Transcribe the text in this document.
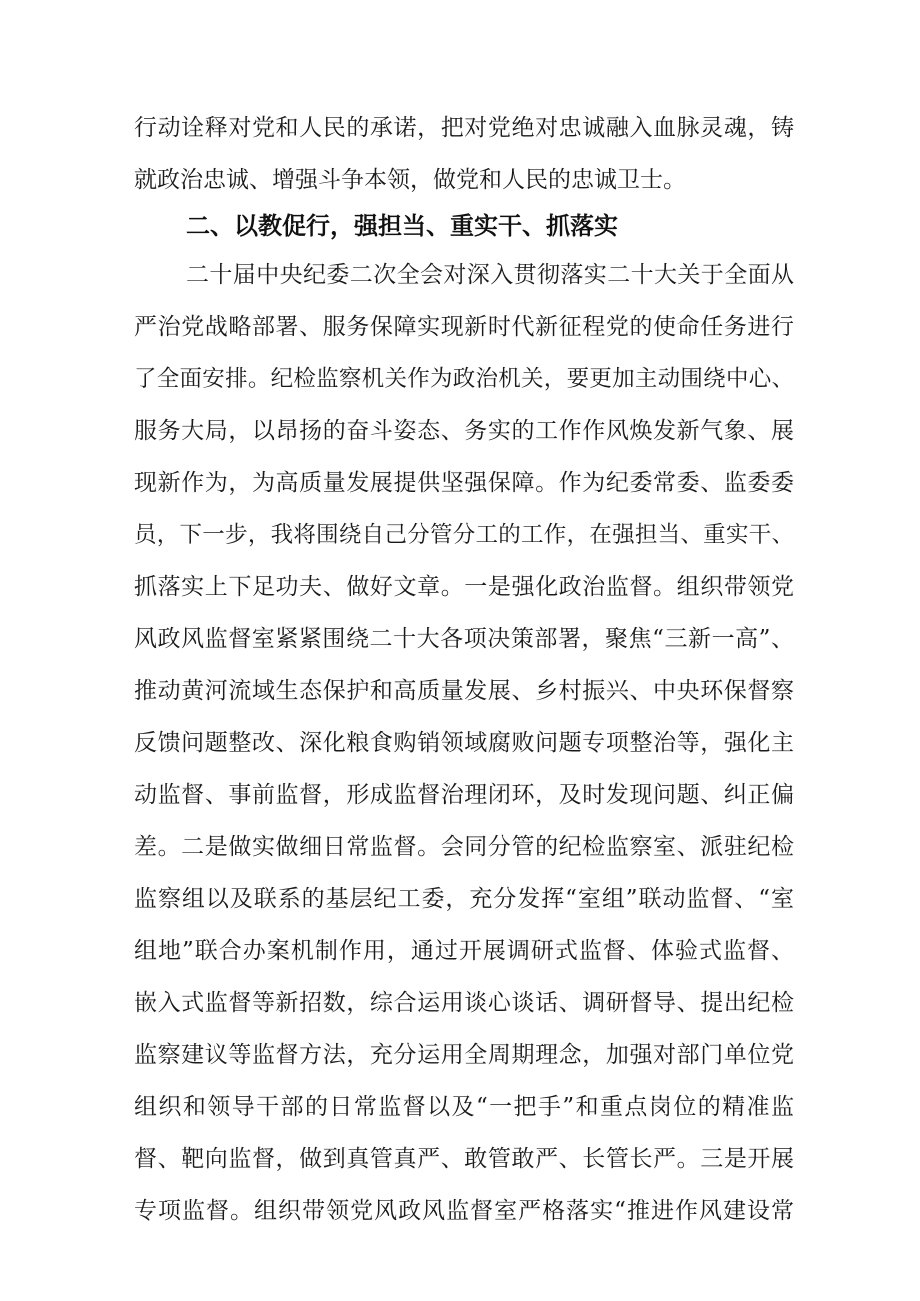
行动诠释对党和人民的承诺，把对党绝对忠诚融入血脉灵魂，铸
就政治忠诚、增强斗争本领，做党和人民的忠诚卫士。
二、以教促行，强担当、重实干、抓落实
二十届中央纪委二次全会对深入贯彻落实二十大关于全面从
严治党战略部署、服务保障实现新时代新征程党的使命任务进行
了全面安排。纪检监察机关作为政治机关，要更加主动围绕中心、
服务大局，以昂扬的奋斗姿态、务实的工作作风焕发新气象、展
现新作为，为高质量发展提供坚强保障。作为纪委常委、监委委
员，下一步，我将围绕自己分管分工的工作，在强担当、重实干、
抓落实上下足功夫、做好文章。一是强化政治监督。组织带领党
风政风监督室紧紧围绕二十大各项决策部署，聚焦“三新一高”、
推动黄河流域生态保护和高质量发展、乡村振兴、中央环保督察
反馈问题整改、深化粮食购销领域腐败问题专项整治等，强化主
动监督、事前监督，形成监督治理闭环，及时发现问题、纠正偏
差。二是做实做细日常监督。会同分管的纪检监察室、派驻纪检
监察组以及联系的基层纪工委，充分发挥“室组”联动监督、“室
组地”联合办案机制作用，通过开展调研式监督、体验式监督、
嵌入式监督等新招数，综合运用谈心谈话、调研督导、提出纪检
监察建议等监督方法，充分运用全周期理念，加强对部门单位党
组织和领导干部的日常监督以及“一把手”和重点岗位的精准监
督、靶向监督，做到真管真严、敢管敢严、长管长严。三是开展
专项监督。组织带领党风政风监督室严格落实“推进作风建设常
